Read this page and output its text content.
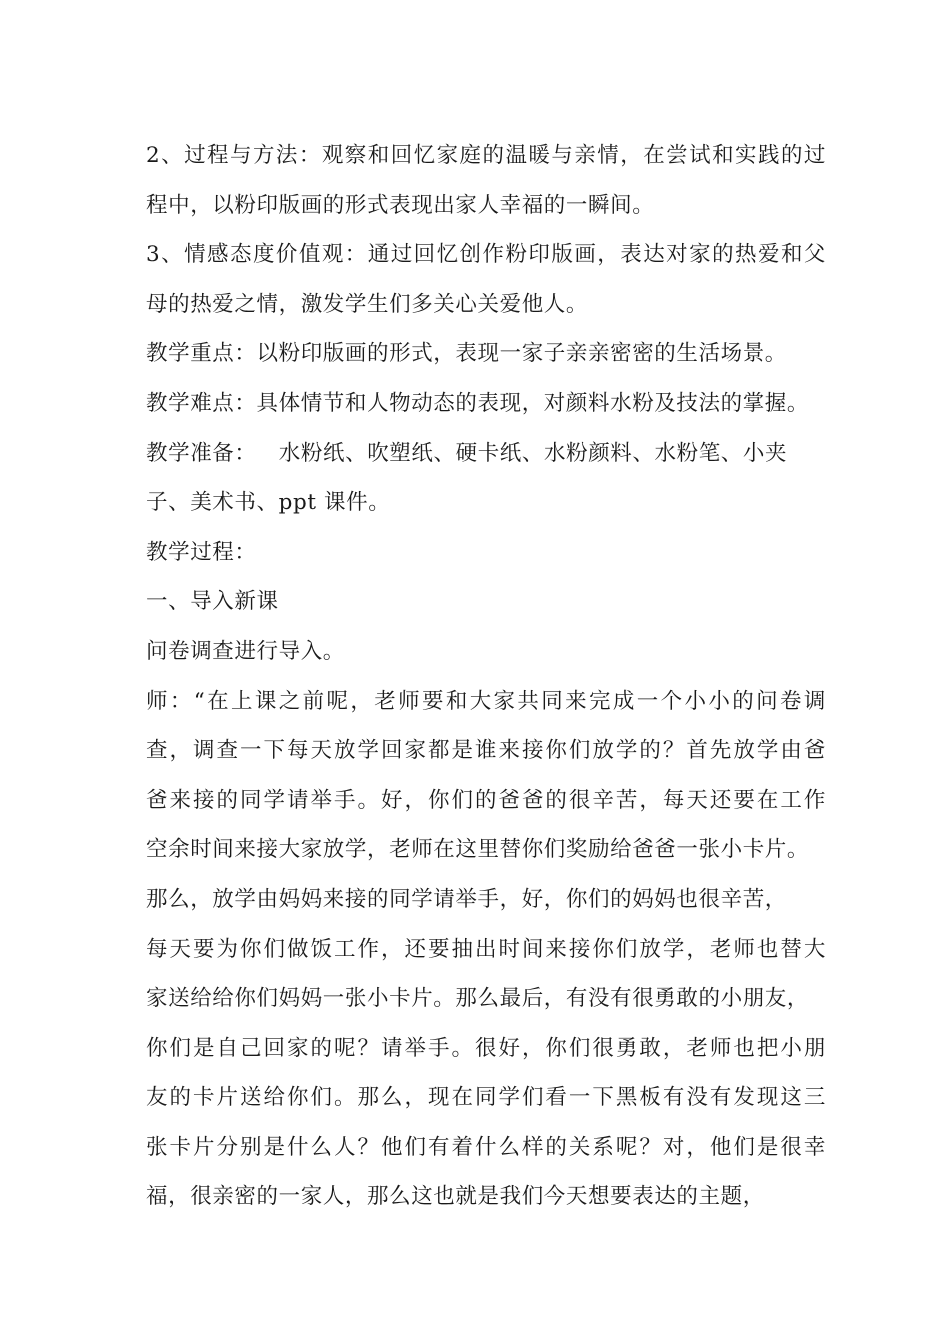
2、过程与方法：观察和回忆家庭的温暖与亲情，在尝试和实践的过
程中，以粉印版画的形式表现出家人幸福的一瞬间。
3、情感态度价值观：通过回忆创作粉印版画，表达对家的热爱和父
母的热爱之情，激发学生们多关心关爱他人。
教学重点：以粉印版画的形式，表现一家子亲亲密密的生活场景。
教学难点：具体情节和人物动态的表现，对颜料水粉及技法的掌握。
教学准备：   水粉纸、吹塑纸、硬卡纸、水粉颜料、水粉笔、小夹
子、美术书、ppt 课件。
教学过程：
一、导入新课
问卷调查进行导入。
师：“在上课之前呢，老师要和大家共同来完成一个小小的问卷调
查，调查一下每天放学回家都是谁来接你们放学的？首先放学由爸
爸来接的同学请举手。好，你们的爸爸的很辛苦，每天还要在工作
空余时间来接大家放学，老师在这里替你们奖励给爸爸一张小卡片。
那么，放学由妈妈来接的同学请举手，好，你们的妈妈也很辛苦，
每天要为你们做饭工作，还要抽出时间来接你们放学，老师也替大
家送给给你们妈妈一张小卡片。那么最后，有没有很勇敢的小朋友，
你们是自己回家的呢？请举手。很好，你们很勇敢，老师也把小朋
友的卡片送给你们。那么，现在同学们看一下黑板有没有发现这三
张卡片分别是什么人？他们有着什么样的关系呢？对，他们是很幸
福，很亲密的一家人，那么这也就是我们今天想要表达的主题，
